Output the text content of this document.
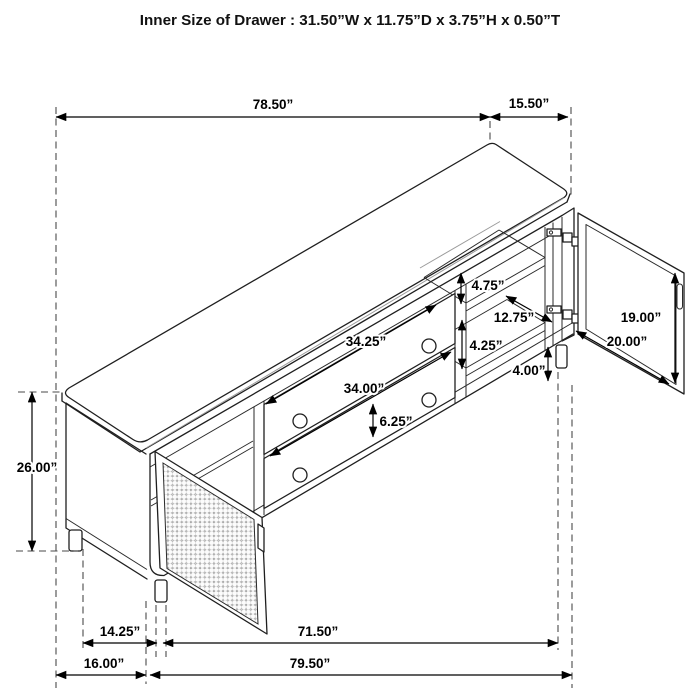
78.50”	15.50”
26.00”
4.75”
12.75”
4.25”
4.00”
34.25”
34.00”
6.25”
19.00”
20.00”
14.25”	71.50”
16.00”	79.50”
Inner Size of Drawer : 31.50”W x 11.75”D x 3.75”H x 0.50”T
